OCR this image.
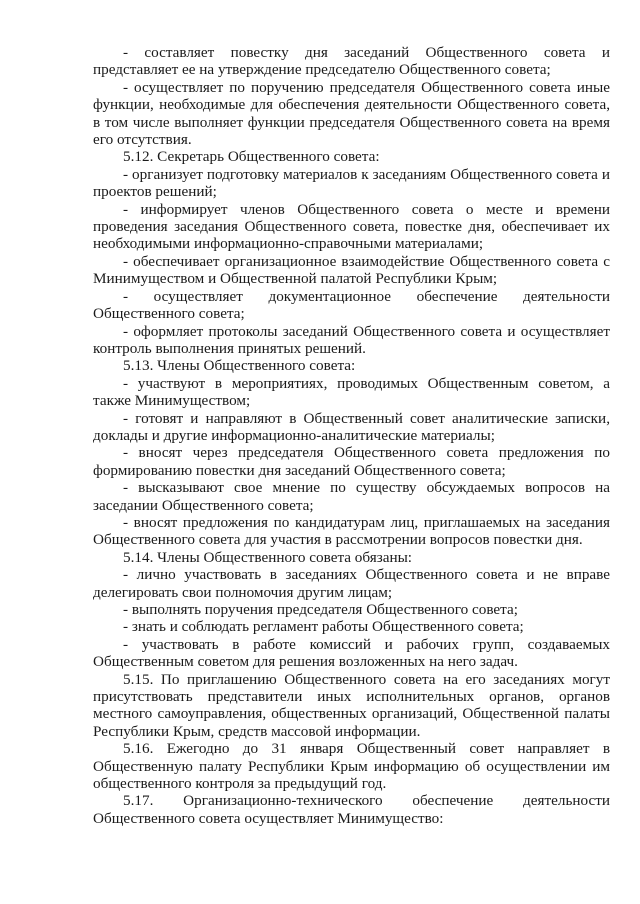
- составляет повестку дня заседаний Общественного совета и представляет ее на утверждение председателю Общественного совета;

- осуществляет по поручению председателя Общественного совета иные функции, необходимые для обеспечения деятельности Общественного совета, в том числе выполняет функции председателя Общественного совета на время его отсутствия.

5.12. Секретарь Общественного совета:

- организует подготовку материалов к заседаниям Общественного совета и проектов решений;

- информирует членов Общественного совета о месте и времени проведения заседания Общественного совета, повестке дня, обеспечивает их необходимыми информационно-справочными материалами;

- обеспечивает организационное взаимодействие Общественного совета с Минимуществом и Общественной палатой Республики Крым;

- осуществляет документационное обеспечение деятельности Общественного совета;

- оформляет протоколы заседаний Общественного совета и осуществляет контроль выполнения принятых решений.

5.13. Члены Общественного совета:

- участвуют в мероприятиях, проводимых Общественным советом, а также Минимуществом;

- готовят и направляют в Общественный совет аналитические записки, доклады и другие информационно-аналитические материалы;

- вносят через председателя Общественного совета предложения по формированию повестки дня заседаний Общественного совета;

- высказывают свое мнение по существу обсуждаемых вопросов на заседании Общественного совета;

- вносят предложения по кандидатурам лиц, приглашаемых на заседания Общественного совета для участия в рассмотрении вопросов повестки дня.

5.14. Члены Общественного совета обязаны:

- лично участвовать в заседаниях Общественного совета и не вправе делегировать свои полномочия другим лицам;

- выполнять поручения председателя Общественного совета;

- знать и соблюдать регламент работы Общественного совета;

- участвовать в работе комиссий и рабочих групп, создаваемых Общественным советом для решения возложенных на него задач.

5.15. По приглашению Общественного совета на его заседаниях могут присутствовать представители иных исполнительных органов, органов местного самоуправления, общественных организаций, Общественной палаты Республики Крым, средств массовой информации.

5.16. Ежегодно до 31 января Общественный совет направляет в Общественную палату Республики Крым информацию об осуществлении им общественного контроля за предыдущий год.

5.17. Организационно-технического обеспечение деятельности Общественного совета осуществляет Минимущество:
